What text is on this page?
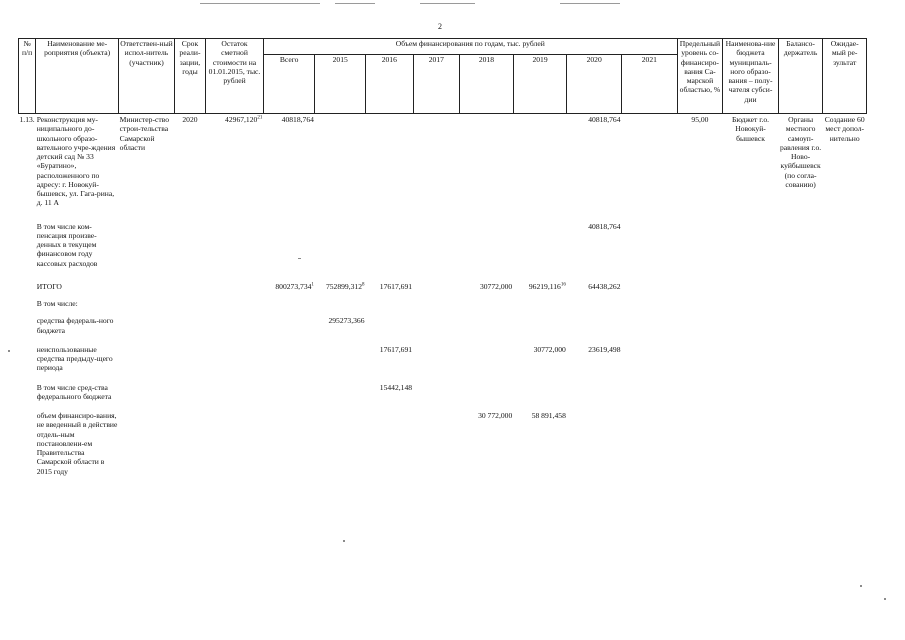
2
№ п/п	Наименование ме-роприятия (объекта)	Ответствен-ный испол-нитель (участник)	Срок реали-зации, годы	Остаток сметной стоимости на 01.01.2015, тыс. рублей	Объем финансирования по годам, тыс. рублей								Предельный уровень со-финансиро-вания Са-марской областью, %	Наименова-ние бюджета муниципаль-ного образо-вания – полу-чателя субси-дии	Балансо-держатель	Ожидае-мый ре-зультат
					Всего	2015	2016	2017	2018	2019	2020	2021				
1.13.	Реконструкция му-ниципального до-школьного образо-вательного учре-ждения детский сад № 33 «Буратино», расположенного по адресу: г. Новокуй-бышевск, ул. Гага-рина, д. 11 А	Министер-ство строи-тельства Самарской области	2020	42967,120$^{21}$	40818,764						40818,764		95,00	Бюджет г.о. Новокуй-бышевск	Органы местного самоуп-равления г.о. Ново-куйбышевск (по согла-сованию)	Создание 60 мест допол-нительно

	В том числе ком-пенсация произве-денных в текущем финансовом году кассовых расходов										40818,764					

	ИТОГО				800273,734$^1$	752899,312$^8$	17617,691		30772,000	96219,116$^{16}$	64438,262					

	В том числе:															

	средства федераль-ного бюджета					295273,366										

	неиспользованные средства предыду-щего периода						17617,691			30772,000	23619,498					

	В том числе сред-ства федерального бюджета						15442,148									

	объем финансиро-вания, не введенный в действие отдель-ным постановлени-ем Правительства Самарской области в 2015 году								30 772,000	58 891,458						
